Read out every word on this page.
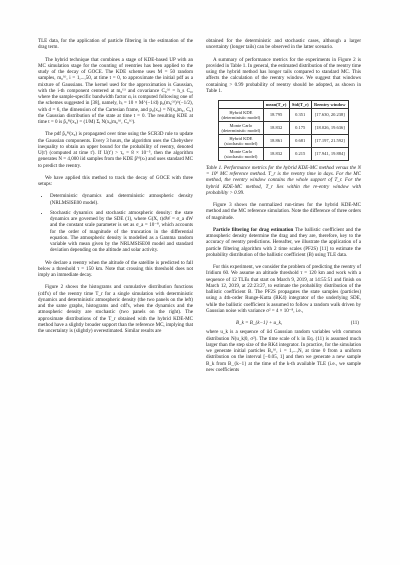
TLE data, for the application of particle filtering in the estimation of the drag term.

The hybrid technique that combines a stage of KDE-based UP with an MC simulation stage for the counting of reentries has been applied to the study of the decay of GOCE. The KDE scheme uses M = 50 random samples, m₀⁽ⁱ⁾, i = 1,...,50, at time t = 0, to approximate the initial pdf as a mixture of Gaussians. The kernel used for the approximation is Gaussian, with the i-th component centered at m₀⁽ⁱ⁾ and covariance C₀⁽ⁱ⁾ = h_s C₀, where the sample-specific bandwidth factor αᵢ is computed following one of the schemes suggested in [38], namely, hᵢ = 10 × M^(−1/d) p₀(m₀⁽ⁱ⁾)^(−1/2), with d = 6, the dimension of the Cartesian frame, and p₀(x₀) = N(x₀|m₀, C₀) the Gaussian distribution of the state at time t = 0. The resulting KDE at time t = 0 is p̂₀ᴹ(x₀) = (1/M) Σᵢ N(x₀|m₀⁽ⁱ⁾, C₀⁽ⁱ⁾).

The pdf p̂₀ᴹ(x₀) is propagated over time using the SCR3D rule to update the Gaussian components. Every 3 hours, the algorithm uses the Chebyshev inequality to obtain an upper bound for the probability of reentry, denoted U(t') (computed at time t'). If U(t') > τᵤ = 8 × 10⁻⁵, then the algorithm generates N = 4,000 iid samples from the KDE p̂ᴹ(xₜ) and uses standard MC to predict the reentry.

We have applied this method to track the decay of GOCE with three setups:

• Deterministic dynamics and deterministic atmospheric density (NRLMSISE00 model).
• Stochastic dynamics and stochastic atmospheric density: the state dynamics are governed by the SDE (1), where G(X, t)dW = σ_a dW and the constant scale parameter is set as σ_a = 10⁻⁸, which accounts for the order of magnitude of the truncation in the differential equation. The atmospheric density is modelled as a Gamma random variable with mean given by the NRLMSISE00 model and standard deviation depending on the altitude and solar activity.

We declare a reentry when the altitude of the satellite is predicted to fall below a threshold τ = 150 km. Note that crossing this threshold does not imply an immediate decay.

Figure 2 shows the histograms and cumulative distribution functions (cdf's) of the reentry time T_r for a single simulation with deterministic dynamics and deterministic atmospheric density (the two panels on the left) and the same graphs, histograms and cdf's, when the dynamics and the atmospheric density are stochastic (two panels on the right). The approximate distributions of the T_r obtained with the hybrid KDE-MC method have a slightly broader support than the reference MC, implying that the uncertainty is (slightly) overestimated. Similar results are

obtained for the deterministic and stochastic cases, although a larger uncertainty (longer tails) can be observed in the latter scenario.

A summary of performance metrics for the experiments in Figure 2 is provided in Table 1. In general, the estimated distribution of the reentry time using the hybrid method has longer tails compared to standard MC. This affects the calculation of the reentry window. We suggest that windows containing > 0.99 probability of reentry should be adopted, as shown in Table 1.

	mean(T_r)	Std(T_r)	Reentry window
Hybrid KDE
(deterministic model)	18.795	0.351	[17.630, 20.238]
Monte Carlo
(deterministic model)	18.832	0.175	[18.026, 19.636]
Hybrid KDE
(stochastic model)	18.861	0.681	[17.197, 21.592]
Monte Carlo
(stochastic model)	18.832	0.215	[17.941, 19.884]

Table 1. Performance metrics for the hybrid KDE-MC method versus the N = 10⁶ MC reference method. T_r is the reentry time in days. For the MC method, the reentry window contains the whole support of T_r. For the hybrid KDE-MC method, T_r lies within the re-entry window with probability > 0.99.

Figure 3 shows the normalized run-times for the hybrid KDE-MC method and the MC reference simulation. Note the difference of three orders of magnitude.

Particle filtering for drag estimation The ballistic coefficient and the atmospheric density determine the drag and they are, therefore, key to the accuracy of reentry predictions. Hereafter, we illustrate the application of a particle filtering algorithm with 2 time scales (PF2S) [11] to estimate the probability distribution of the ballistic coefficient (B) using TLE data.

For this experiment, we consider the problem of predicting the reentry of Iridium 60. We assume an altitude threshold τ = 120 km and work with a sequence of 12 TLEs that start on March 9, 2019, at 14:55:51 and finish on March 12, 2019, at 22:23:27, to estimate the probability distribution of the ballistic coefficient B. The PF2S propagates the state samples (particles) using a 4th-order Runge-Kutta (RK4) integrator of the underlying SDE, while the ballistic coefficient is assumed to follow a random walk driven by Gaussian noise with variance σ² = 4 × 10⁻⁸, i.e.,

B_k = B_{k−1} + u_k,	(11)

where u_k is a sequence of iid Gaussian random variables with common distribution N(u_k|0, σ²). The time scale of k in Eq. (11) is assumed much larger than the step size of the RK4 integrator. In practice, for the simulation we generate initial particles B₀⁽ⁱ⁾, i = 1,...,N, at time 0 from a uniform distribution on the interval [−0.05, 1] and then we generate a new sample B_k from B_{k−1} at the time of the k-th available TLE (i.e., we sample new coefficients
